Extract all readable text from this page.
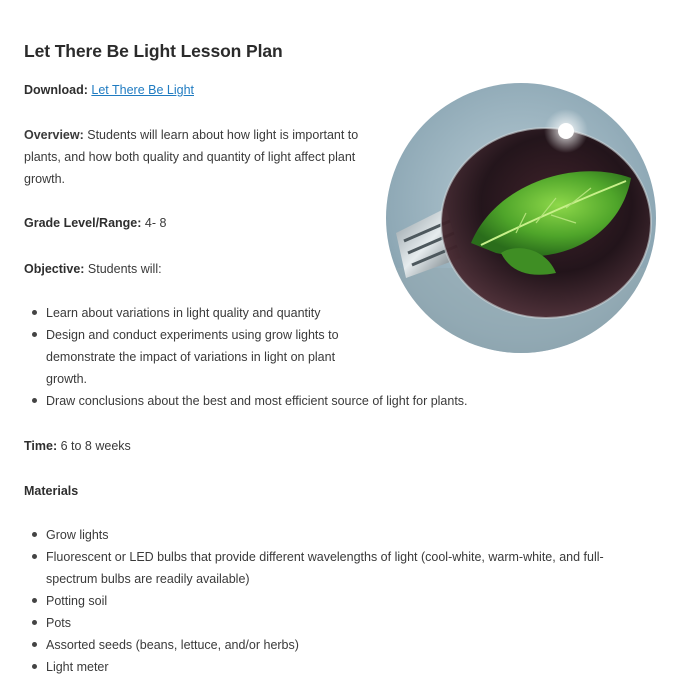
Let There Be Light Lesson Plan
Download: Let There Be Light
Overview: Students will learn about how light is important to plants, and how both quality and quantity of light affect plant growth.
Grade Level/Range: 4- 8
Objective: Students will:
Learn about variations in light quality and quantity
Design and conduct experiments using grow lights to demonstrate the impact of variations in light on plant growth.
Draw conclusions about the best and most efficient source of light for plants.
Time: 6 to 8 weeks
Materials
Grow lights
Fluorescent or LED bulbs that provide different wavelengths of light (cool-white, warm-white, and full-spectrum bulbs are readily available)
Potting soil
Pots
Assorted seeds (beans, lettuce, and/or herbs)
Light meter
